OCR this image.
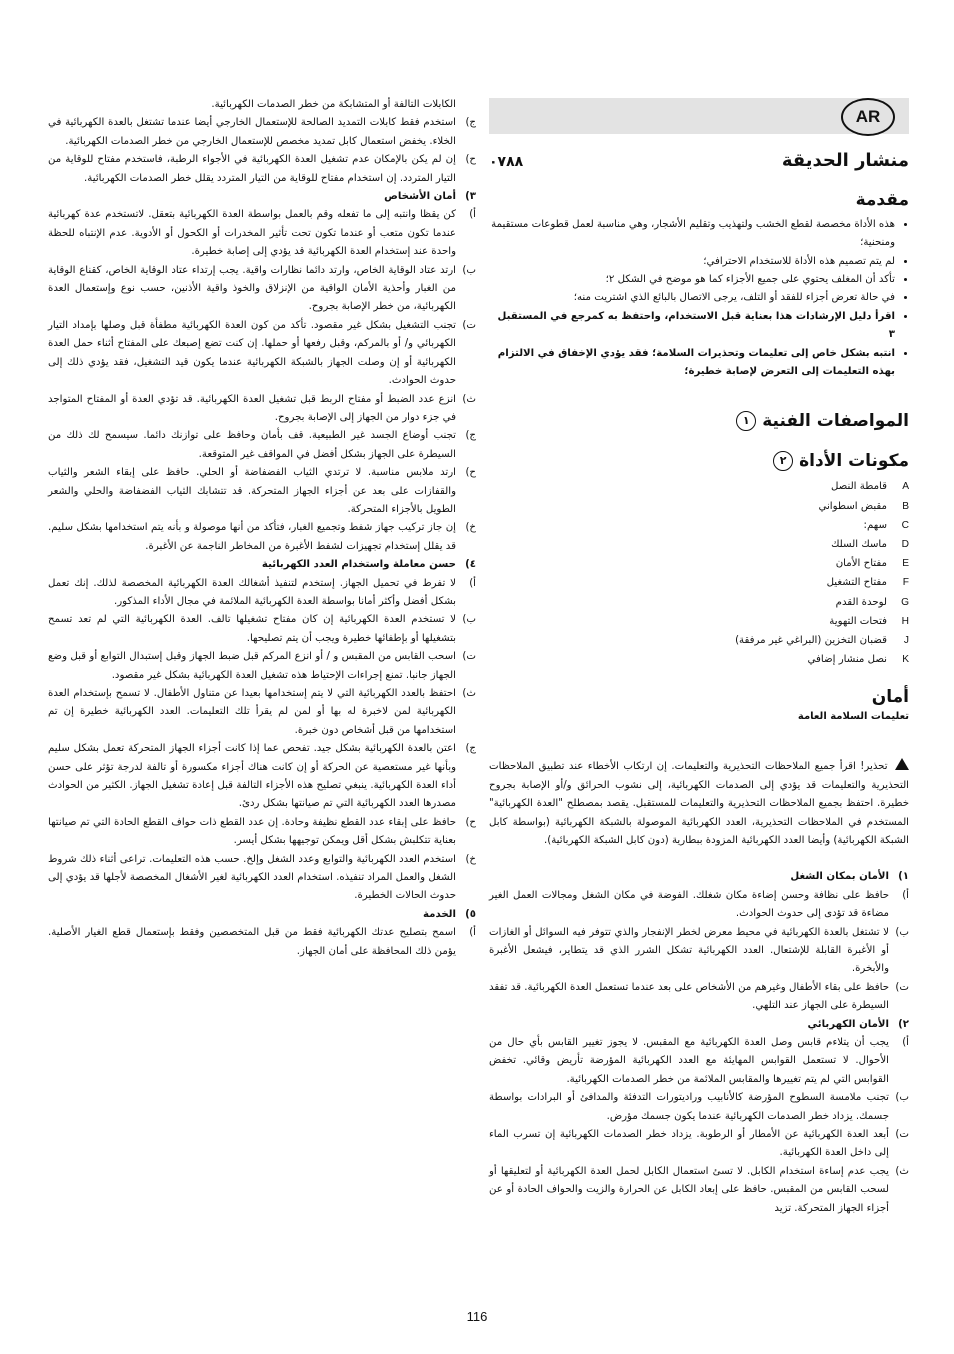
AR
منشار الحديقة
٠٧٨٨
مقدمة
• هذه الأداة مخصصة لقطع الخشب ولتهذيب وتقليم الأشجار، وهي مناسبة لعمل قطوعات مستقيمة ومنحنية؛
• لم يتم تصميم هذه الأداة للاستخدام الاحترافي؛
• تأكد أن المغلف يحتوي على جميع الأجزاء كما هو موضح في الشكل ٢؛
• في حالة تعرض أجزاء للفقد أو التلف، يرجى الاتصال بالبائع الذي اشتريت منه؛
• اقرأ دليل الإرشادات هذا بعناية قبل الاستخدام، واحتفظ به كمرجع في المستقبل ٣
• انتبه بشكل خاص إلى تعليمات وتحذيرات السلامة؛ فقد يؤدي الإخفاق في الالتزام بهذه التعليمات إلى التعرض لإصابة خطيرة؛
المواصفات الفنية
١
مكونات الأداة
٢
A
قامطة النصل
B
مقبض اسطواني
C
سهم:
D
ماسك السلك
E
مفتاح الأمان
F
مفتاح التشغيل
G
لوحدة القدم
H
فتحات التهوية
J
قضبان التخزين (البراغي غير مرفقة)
K
نصل منشار إضافي
أمان
تعليمات السلامة العامة
تحذير! اقرأ جميع الملاحظات التحذيرية والتعليمات. إن ارتكاب الأخطاء عند تطبيق الملاحظات التحذيرية والتعليمات قد يؤدي إلى الصدمات الكهربائية، إلى نشوب الحرائق و/أو الإصابة بجروح خطيرة. احتفظ بجميع الملاحظات التحذيرية والتعليمات للمستقبل. يقصد بمصطلح "العدة الكهربائية" المستخدم في الملاحظات التحذيرية، العدد الكهربائية الموصولة بالشبكة الكهربائية (بواسطة كابل الشبكة الكهربائية) وأيضا العدد الكهربائية المزودة ببطارية (دون كابل الشبكة الكهربائية).
١)
الأمان بمكان الشغل
أ)
حافظ على نظافة وحسن إضاءة مكان شغلك. الفوضة في مكان الشغل ومجالات العمل الغير مضاءة قد تؤدى إلى حدوث الحوادث.
ب)
لا تشتغل بالعدة الكهربائية في محيط معرض لخطر الإنفجار والذي تتوفر فيه السوائل أو الغازات أو الأغبرة القابلة للإشتعال. العدد الكهربائية تشكل الشرر الذي قد يتطاير، فيشعل الأغبرة والأبخرة.
ت)
حافظ على بقاء الأطفال وغيرهم من الأشخاص على بعد عندما تستعمل العدة الكهربائية. قد تفقد السيطرة على الجهاز عند التلهي.
٢)
الأمان الكهربائي
أ)
يجب أن يتلاءم قابس وصل العدة الكهربائية مع المقبس. لا يجوز تغيير القابس بأي حال من الأحوال. لا تستعمل القوابس المهايئة مع العدد الكهربائية المؤرضة تأريض وقائي. تخفض القوابس التي لم يتم تغييرها والمقابس الملائمة من خطر الصدمات الكهربائية.
ب)
تجنب ملامسة السطوح المؤرضة كالأنابيب وراديتورات التدفئة والمدافئ أو البرادات بواسطة جسمك. يزداد خطر الصدمات الكهربائية عندما يكون جسمك مؤرض.
ت)
أبعد العدة الكهربائية عن الأمطار أو الرطوبة. يزداد خطر الصدمات الكهربائية إن تسرب الماء إلى داخل العدة الكهربائية.
ث)
يجب عدم إساءة استخدام الكابل. لا تسئ استعمال الكابل لحمل العدة الكهربائية أو لتعليقها أو لسحب القابس من المقبس. حافظ على إبعاد الكابل عن الحرارة والزيت والحواف الحادة أو عن أجزاء الجهاز المتحركة. تزيد
الكابلات التالفة أو المتشابكة من خطر الصدمات الكهربائية.
ج)
استخدم فقط كابلات التمديد الصالحة للإستعمال الخارجي أيضا عندما تشتغل بالعدة الكهربائية في الخلاء. يخفض استعمال كابل تمديد مخصص للإستعمال الخارجي من خطر الصدمات الكهربائية.
ح)
إن لم يكن بالإمكان عدم تشغيل العدة الكهربائية في الأجواء الرطبة، فاستخدم مفتاح للوقاية من التيار المتردد. إن استخدام مفتاح للوقاية من التيار المتردد يقلل خطر الصدمات الكهربائية.
٣)
أمان الأشخاص
أ)
كن يقظا وانتبه إلى ما تفعله وقم بالعمل بواسطة العدة الكهربائية بتعقل. لاتستخدم عدة كهربائية عندما تكون متعب أو عندما تكون تحت تأثير المخدرات أو الكحول أو الأدوية. عدم الإنتباه للحظة واحدة عند إستخدام العدة الكهربائية قد يؤدي إلى إصابة خطيرة.
ب)
ارتد عتاد الوقاية الخاص، وارتد دائما نظارات واقية. يجب إرتداء عتاد الوقاية الخاص، كقناع الوقاية من الغبار وأحذية الأمان الواقية من الإنزلاق والخوذ واقية الأذنين، حسب نوع وإستعمال العدة الكهربائية، من خطر الإصابة بجروح.
ت)
تجنب التشغيل بشكل غير مقصود. تأكد من كون العدة الكهربائية مطفأة قبل وصلها بإمداد التيار الكهربائي و/ أو بالمركم، وقبل رفعها أو حملها. إن كنت تضع إصبعك على المفتاح أثناء حمل العدة الكهربائية أو إن وصلت الجهاز بالشبكة الكهربائية عندما يكون قيد التشغيل، فقد يؤدي ذلك إلى حدوث الحوادث.
ث)
انزع عدد الضبط أو مفتاح الربط قبل تشغيل العدة الكهربائية. قد تؤدي العدة أو المفتاح المتواجد في جزء دوار من الجهاز إلى الإصابة بجروح.
ج)
تجنب أوضاع الجسد غير الطبيعية. قف بأمان وحافظ على توازنك دائما. سيسمح لك ذلك من السيطرة على الجهاز بشكل أفضل في المواقف غير المتوقعة.
ح)
ارتد ملابس مناسبة. لا ترتدي الثياب الفضفاضة أو الحلي. حافظ على إبقاء الشعر والثياب والقفازات على بعد عن أجزاء الجهاز المتحركة. قد تتشابك الثياب الفضفاضة والحلي والشعر الطويل بالأجزاء المتحركة.
خ)
إن جاز تركيب جهاز شفط وتجميع الغبار، فتأكد من أنها موصولة و بأنه يتم استخدامها بشكل سليم. قد يقلل إستخدام تجهيزات لشفط الأغبرة من المخاطر الناجمة عن الأغبرة.
٤)
حسن معاملة واستخدام العدد الكهربائية
أ)
لا تفرط في تحميل الجهاز. إستخدم لتنفيذ أشغالك العدة الكهربائية المخصصة لذلك. إنك تعمل بشكل أفضل وأكثر أمانا بواسطة العدة الكهربائية الملائمة في مجال الأداء المذكور.
ب)
لا تستخدم العدة الكهربائية إن كان مفتاح تشغيلها تالف. العدة الكهربائية التي لم تعد تسمح بتشغيلها أو بإطفائها خطيرة ويجب أن يتم تصليحها.
ت)
اسحب القابس من المقبس و / أو انزع المركم قبل ضبط الجهاز وقبل إستبدال التوابع أو قبل وضع الجهاز جانبا. تمنع إجراءات الإحتياط هذه تشغيل العدة الكهربائية بشكل غير مقصود.
ث)
احتفظ بالعدد الكهربائية التي لا يتم إستخدامها بعيدا عن متناول الأطفال. لا تسمح بإستخدام العدة الكهربائية لمن لاخبرة له بها أو لمن لم يقرأ تلك التعليمات. العدد الكهربائية خطيرة إن تم استخدامها من قبل أشخاص دون خبرة.
ج)
اعتن بالعدة الكهربائية بشكل جيد. تفحص عما إذا كانت أجزاء الجهاز المتحركة تعمل بشكل سليم وبأنها غير مستعصية عن الحركة أو إن كانت هناك أجزاء مكسورة أو تالفة لدرجة تؤثر على حسن أداء العدة الكهربائية. ينبغي تصليح هذه الأجزاء التالفة قبل إعادة تشغيل الجهاز. الكثير من الحوادث مصدرها العدد الكهربائية التي تم صيانتها بشكل ردئ.
ح)
حافظ على إبقاء عدد القطع نظيفة وحادة. إن عدد القطع ذات حواف القطع الحادة التي تم صيانتها بعناية تتكلبش بشكل أقل ويمكن توجيهها بشكل أيسر.
خ)
استخدم العدد الكهربائية والتوابع وعدد الشغل وإلخ. حسب هذه التعليمات. تراعى أثناء ذلك شروط الشغل والعمل المراد تنفيذه. استخدام العدد الكهربائية لغير الأشغال المخصصة لأجلها قد يؤدي إلى حدوث الحالات الخطيرة.
٥)
الخدمة
أ)
اسمح بتصليح عدتك الكهربائية فقط من قبل المتخصصين وفقط بإستعمال قطع الغيار الأصلية. يؤمن ذلك المحافظة على أمان الجهاز.
116
